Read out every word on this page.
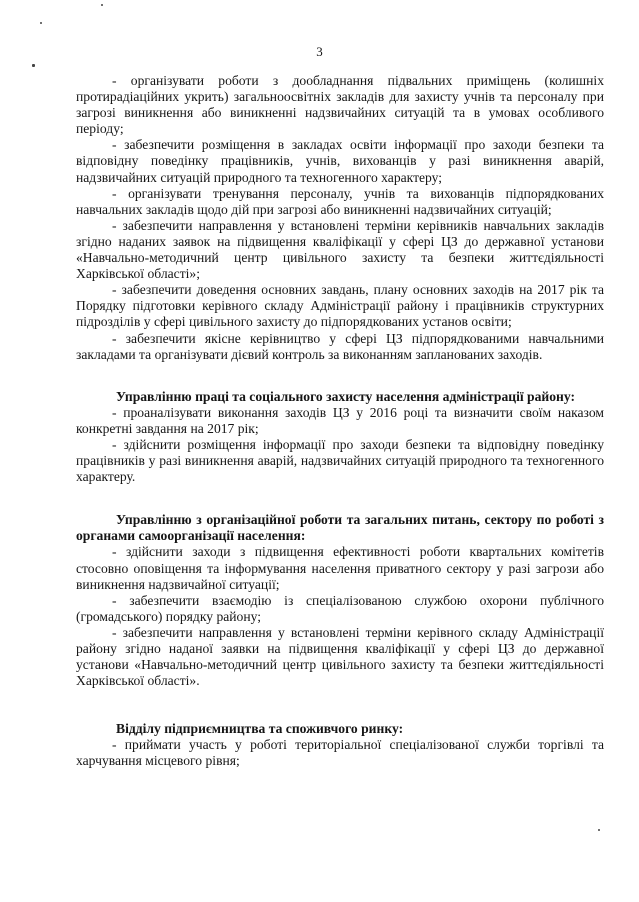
3

- організувати роботи з дообладнання підвальних приміщень (колишніх протирадіаційних укрить) загальноосвітніх закладів для захисту учнів та персоналу при загрозі виникнення або виникненні надзвичайних ситуацій та в умовах особливого періоду;

- забезпечити розміщення в закладах освіти інформації про заходи безпеки та відповідну поведінку працівників, учнів, вихованців у разі виникнення аварій, надзвичайних ситуацій природного та техногенного характеру;

- організувати тренування персоналу, учнів та вихованців підпорядкованих навчальних закладів щодо дій при загрозі або виникненні надзвичайних ситуацій;

- забезпечити направлення у встановлені терміни керівників навчальних закладів згідно наданих заявок на підвищення кваліфікації у сфері ЦЗ до державної установи «Навчально-методичний центр цивільного захисту та безпеки життєдіяльності Харківської області»;

- забезпечити доведення основних завдань, плану основних заходів на 2017 рік та Порядку підготовки керівного складу Адміністрації району і працівників структурних підрозділів у сфері цивільного захисту до підпорядкованих установ освіти;

- забезпечити якісне керівництво у сфері ЦЗ підпорядкованими навчальними закладами та організувати дієвий контроль за виконанням запланованих заходів.

Управлінню праці та соціального захисту населення адміністрації району:

- проаналізувати виконання заходів ЦЗ у 2016 році та визначити своїм наказом конкретні завдання на 2017 рік;

- здійснити розміщення інформації про заходи безпеки та відповідну поведінку працівників у разі виникнення аварій, надзвичайних ситуацій природного та техногенного характеру.

Управлінню з організаційної роботи та загальних питань, сектору по роботі з органами самоорганізації населення:

- здійснити заходи з підвищення ефективності роботи квартальних комітетів стосовно оповіщення та інформування населення приватного сектору у разі загрози або виникнення надзвичайної ситуації;

- забезпечити взаємодію із спеціалізованою службою охорони публічного (громадського) порядку району;

- забезпечити направлення у встановлені терміни керівного складу Адміністрації району згідно наданої заявки на підвищення кваліфікації у сфері ЦЗ до державної установи «Навчально-методичний центр цивільного захисту та безпеки життєдіяльності Харківської області».

Відділу підприємництва та споживчого ринку:

- приймати участь у роботі територіальної спеціалізованої служби торгівлі та харчування місцевого рівня;
